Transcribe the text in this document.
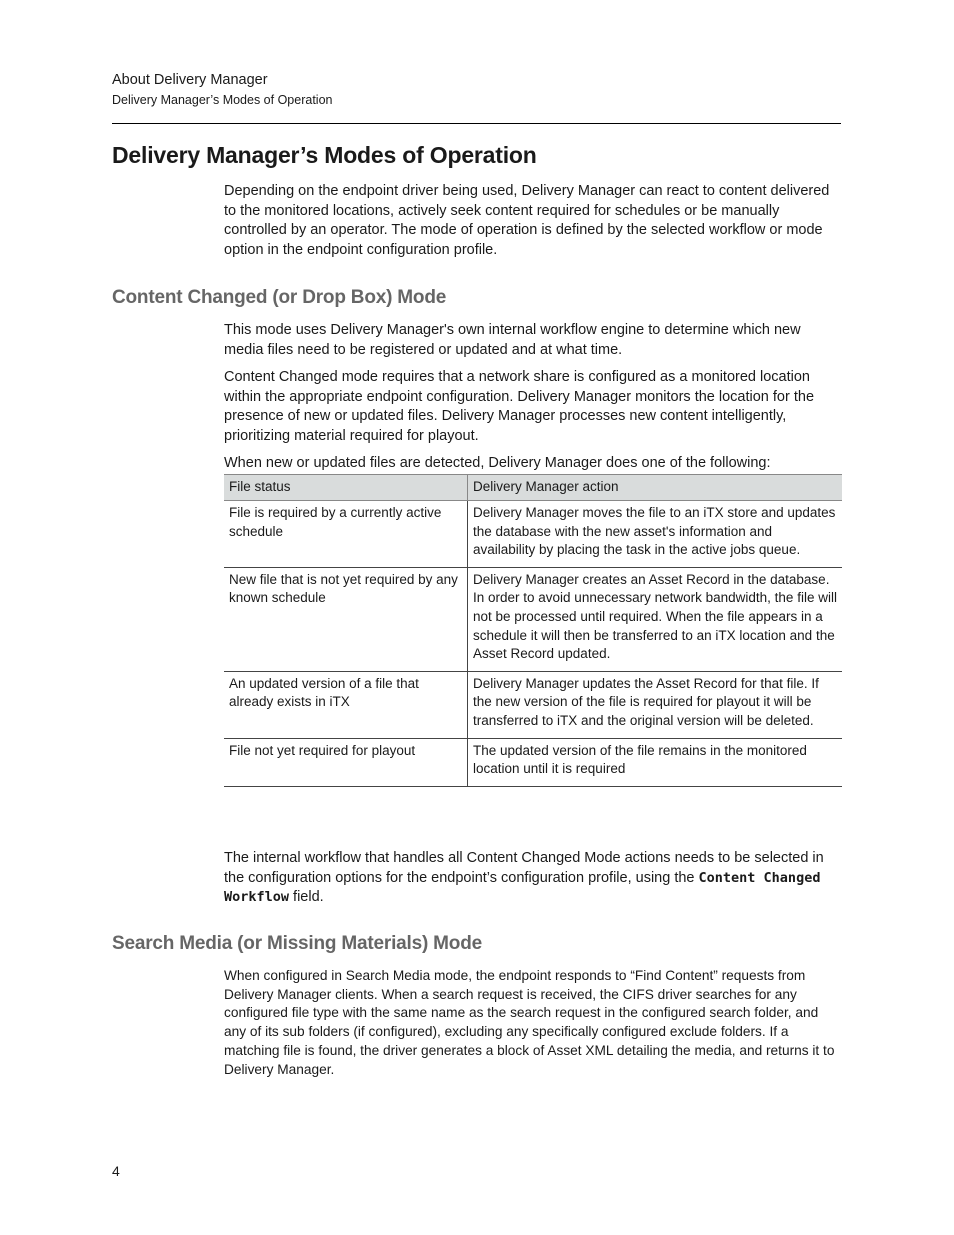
About Delivery Manager
Delivery Manager’s Modes of Operation
Delivery Manager’s Modes of Operation

Depending on the endpoint driver being used, Delivery Manager can react to content delivered to the monitored locations, actively seek content required for schedules or be manually controlled by an operator. The mode of operation is defined by the selected workflow or mode option in the endpoint configuration profile.

Content Changed (or Drop Box) Mode

This mode uses Delivery Manager's own internal workflow engine to determine which new media files need to be registered or updated and at what time.

Content Changed mode requires that a network share is configured as a monitored location within the appropriate endpoint configuration. Delivery Manager monitors the location for the presence of new or updated files. Delivery Manager processes new content intelligently, prioritizing material required for playout.

When new or updated files are detected, Delivery Manager does one of the following:

File status	Delivery Manager action
File is required by a currently active schedule	Delivery Manager moves the file to an iTX store and updates the database with the new asset's information and availability by placing the task in the active jobs queue.
New file that is not yet required by any known schedule	Delivery Manager creates an Asset Record in the database. In order to avoid unnecessary network bandwidth, the file will not be processed until required. When the file appears in a schedule it will then be transferred to an iTX location and the Asset Record updated.
An updated version of a file that already exists in iTX	Delivery Manager updates the Asset Record for that file. If the new version of the file is required for playout it will be transferred to iTX and the original version will be deleted.
File not yet required for playout	The updated version of the file remains in the monitored location until it is required

The internal workflow that handles all Content Changed Mode actions needs to be selected in the configuration options for the endpoint’s configuration profile, using the Content Changed Workflow field.

Search Media (or Missing Materials) Mode

When configured in Search Media mode, the endpoint responds to “Find Content” requests from Delivery Manager clients. When a search request is received, the CIFS driver searches for any configured file type with the same name as the search request in the configured search folder, and any of its sub folders (if configured), excluding any specifically configured exclude folders. If a matching file is found, the driver generates a block of Asset XML detailing the media, and returns it to Delivery Manager.

4
